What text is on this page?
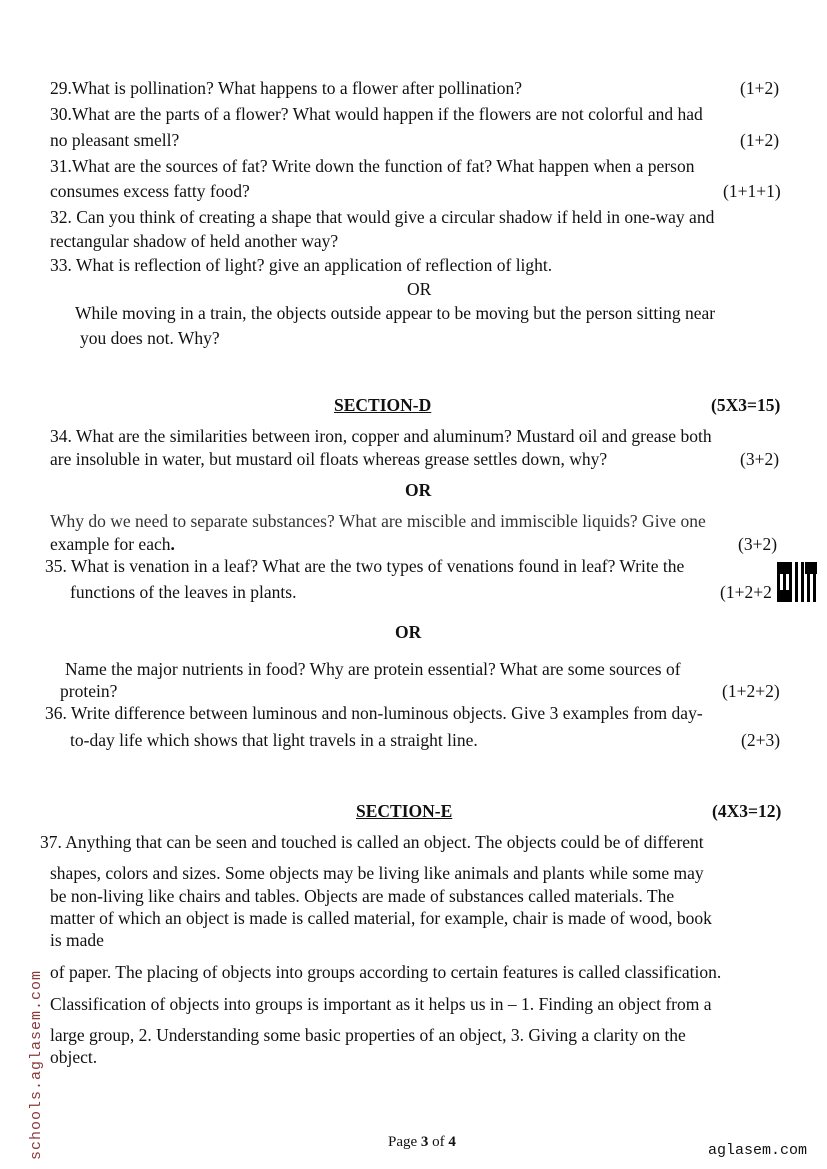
29.What is pollination? What happens to a flower after pollination?	(1+2)
30.What are the parts of a flower? What would happen if the flowers are not colorful and had
no pleasant smell?	(1+2)
31.What are the sources of fat? Write down the function of fat? What happen when a person
consumes excess fatty food?	(1+1+1)
32. Can you think of creating a shape that would give a circular shadow if held in one-way and
rectangular shadow of held another way?
33. What is reflection of light? give an application of reflection of light.
OR
While moving in a train, the objects outside appear to be moving but the person sitting near
you does not. Why?
SECTION-D	(5X3=15)
34. What are the similarities between iron, copper and aluminum? Mustard oil and grease both
are insoluble in water, but mustard oil floats whereas grease settles down, why?	(3+2)
OR
Why do we need to separate substances? What are miscible and immiscible liquids? Give one
example for each.	(3+2)
35. What is venation in a leaf? What are the two types of venations found in leaf? Write the
functions of the leaves in plants.	(1+2+2
OR
Name the major nutrients in food? Why are protein essential? What are some sources of
protein?	(1+2+2)
36. Write difference between luminous and non-luminous objects. Give 3 examples from day-
to-day life which shows that light travels in a straight line.	(2+3)
SECTION-E	(4X3=12)
37. Anything that can be seen and touched is called an object. The objects could be of different
shapes, colors and sizes. Some objects may be living like animals and plants while some may
be non-living like chairs and tables. Objects are made of substances called materials. The
matter of which an object is made is called material, for example, chair is made of wood, book
is made
of paper. The placing of objects into groups according to certain features is called classification.
Classification of objects into groups is important as it helps us in – 1. Finding an object from a
large group, 2. Understanding some basic properties of an object, 3. Giving a clarity on the
object.
Page 3 of 4	aglasem.com
schools.aglasem.com
